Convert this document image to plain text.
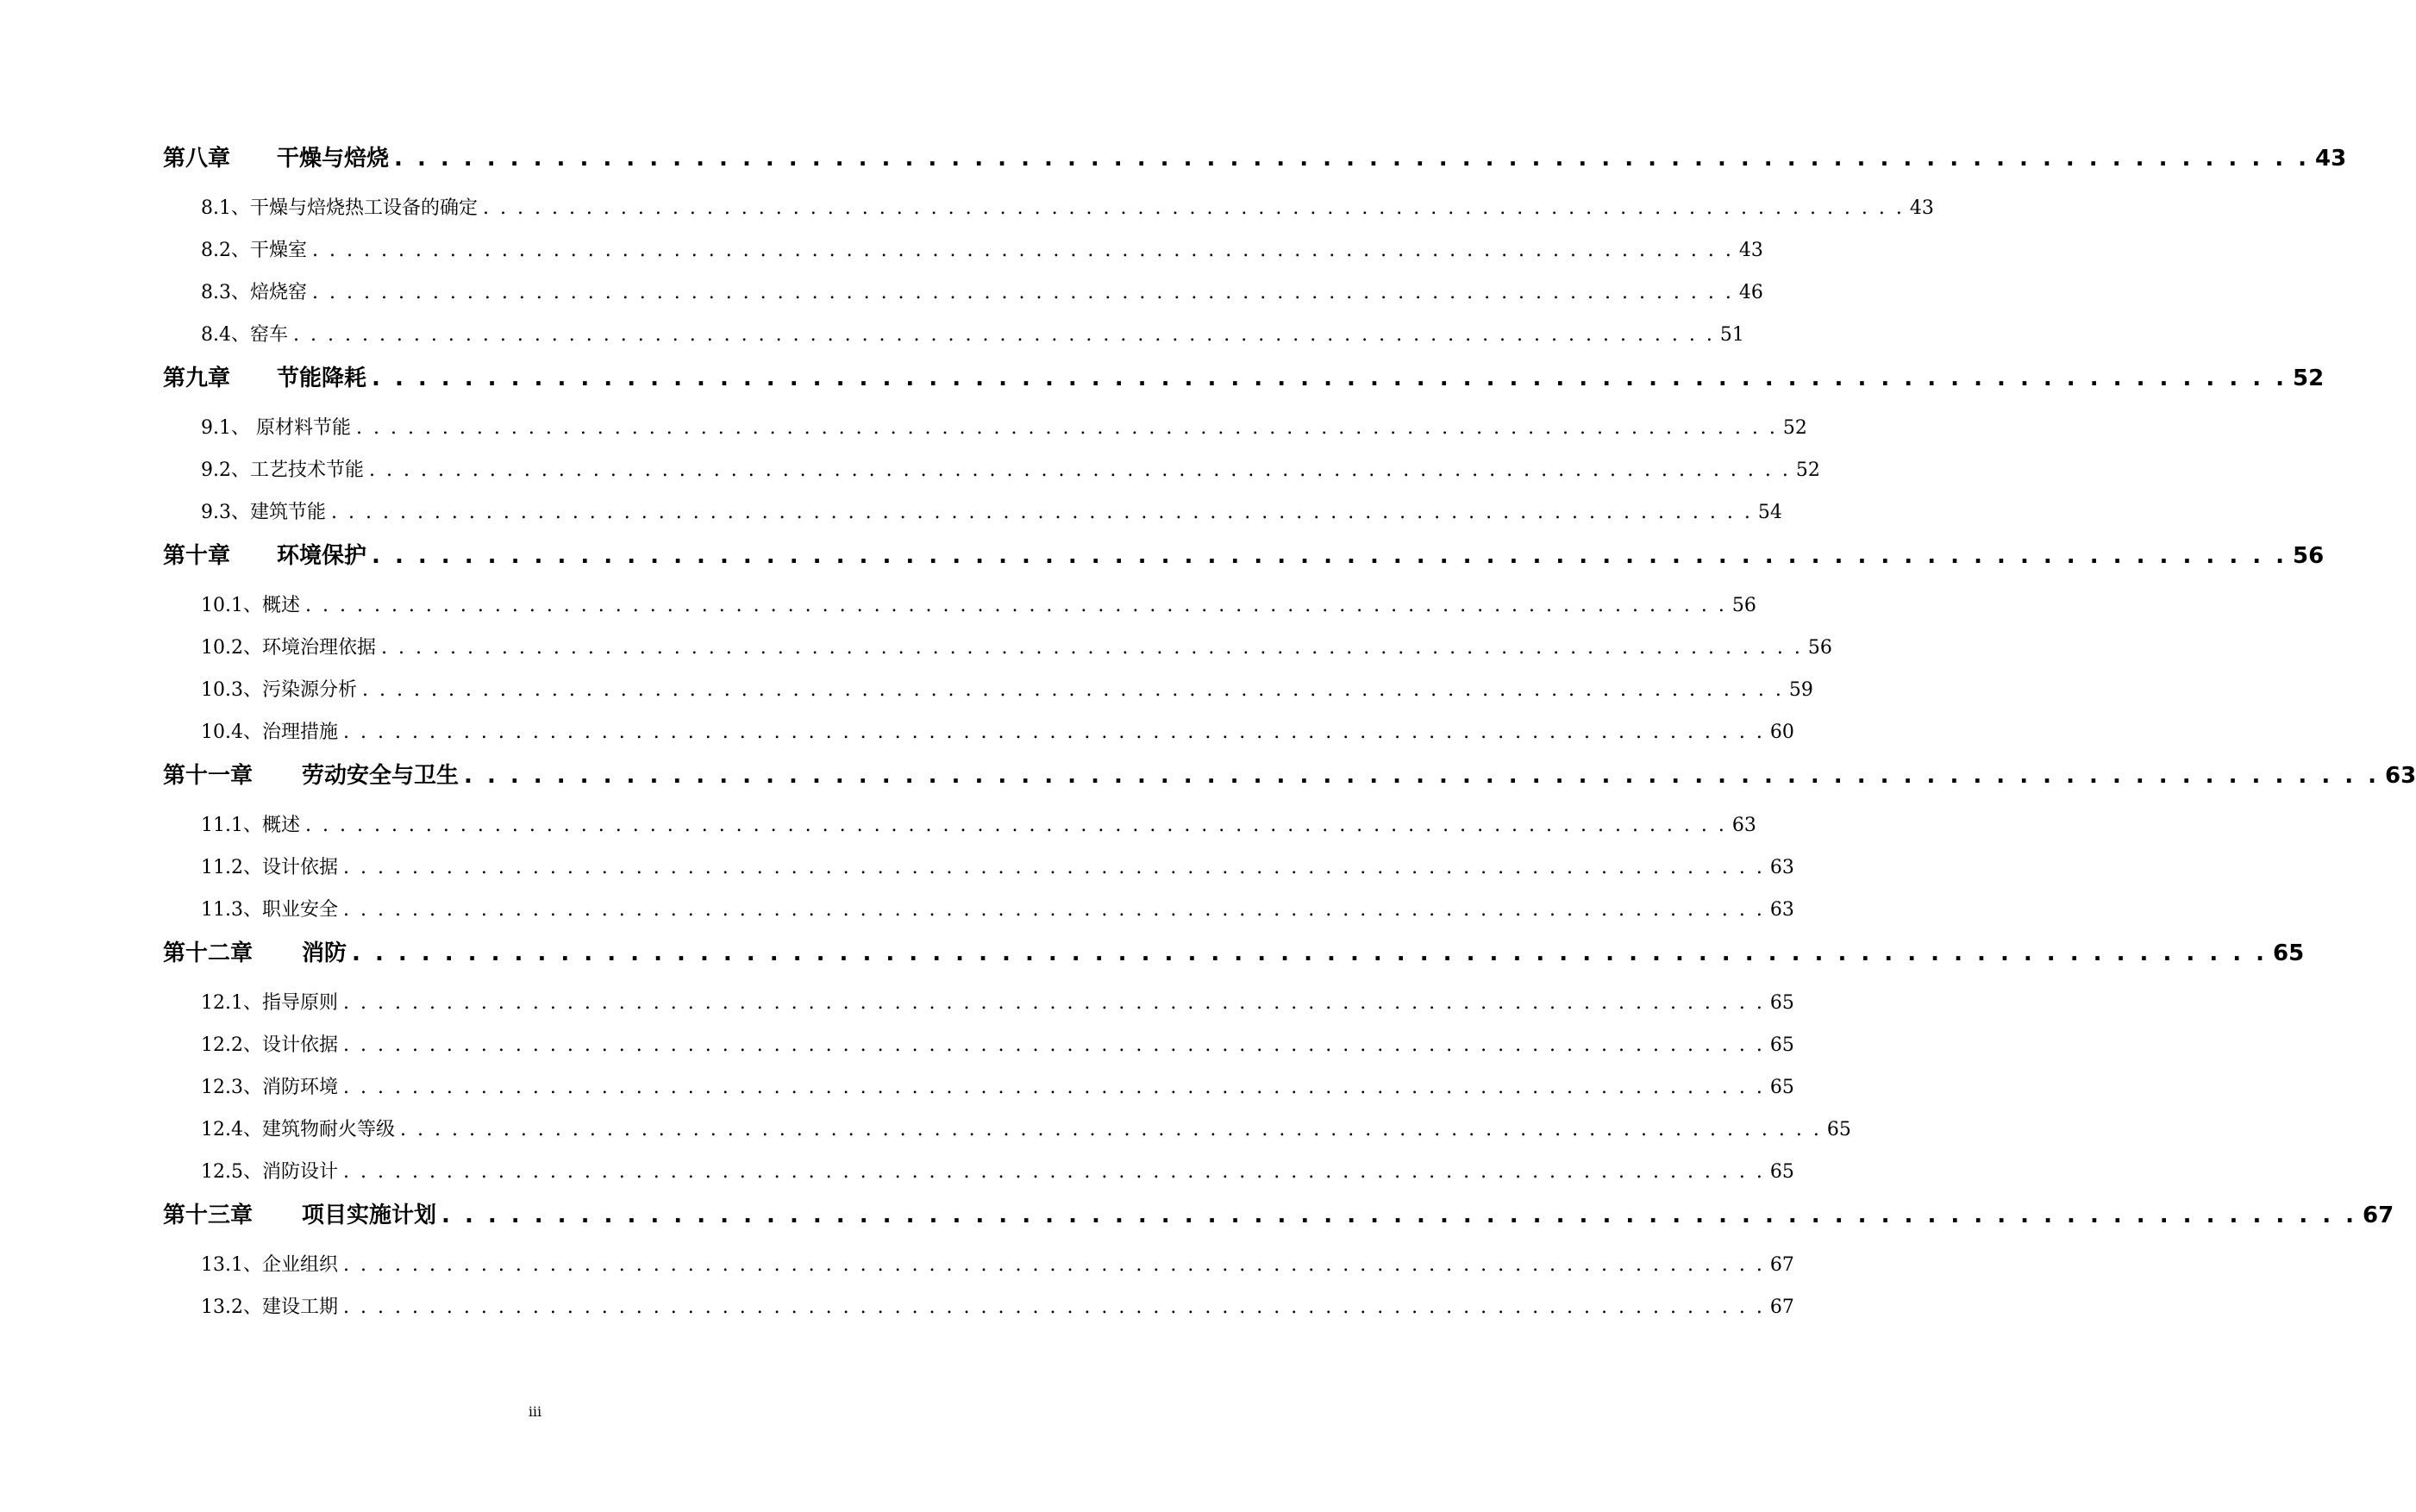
第八章 干燥与焙烧 . . . . . . . . . . . . . . . . . . . . . . . . . . . . . . . . . . . . . . . . . . . . . . . . . . . . . . . . . . . . . . . . . . . . . . . . . . . . . . . . . . . 43
8.1、干燥与焙烧热工设备的确定 . . . . . . . . . . . . . . . . . . . . . . . . . . . . . . . . . . . . . . . . . . . . . . . . . . . . . . . . . . . . . . . . . . . . . . . . . . . . . . . . . . . 43
8.2、干燥室 . . . . . . . . . . . . . . . . . . . . . . . . . . . . . . . . . . . . . . . . . . . . . . . . . . . . . . . . . . . . . . . . . . . . . . . . . . . . . . . . . . . 43
8.3、焙烧窑 . . . . . . . . . . . . . . . . . . . . . . . . . . . . . . . . . . . . . . . . . . . . . . . . . . . . . . . . . . . . . . . . . . . . . . . . . . . . . . . . . . . 46
8.4、窑车 . . . . . . . . . . . . . . . . . . . . . . . . . . . . . . . . . . . . . . . . . . . . . . . . . . . . . . . . . . . . . . . . . . . . . . . . . . . . . . . . . . . 51
第九章 节能降耗 . . . . . . . . . . . . . . . . . . . . . . . . . . . . . . . . . . . . . . . . . . . . . . . . . . . . . . . . . . . . . . . . . . . . . . . . . . . . . . . . . . . 52
9.1、 原材料节能 . . . . . . . . . . . . . . . . . . . . . . . . . . . . . . . . . . . . . . . . . . . . . . . . . . . . . . . . . . . . . . . . . . . . . . . . . . . . . . . . . . . 52
9.2、工艺技术节能 . . . . . . . . . . . . . . . . . . . . . . . . . . . . . . . . . . . . . . . . . . . . . . . . . . . . . . . . . . . . . . . . . . . . . . . . . . . . . . . . . . . 52
9.3、建筑节能 . . . . . . . . . . . . . . . . . . . . . . . . . . . . . . . . . . . . . . . . . . . . . . . . . . . . . . . . . . . . . . . . . . . . . . . . . . . . . . . . . . . 54
第十章 环境保护 . . . . . . . . . . . . . . . . . . . . . . . . . . . . . . . . . . . . . . . . . . . . . . . . . . . . . . . . . . . . . . . . . . . . . . . . . . . . . . . . . . . 56
10.1、概述 . . . . . . . . . . . . . . . . . . . . . . . . . . . . . . . . . . . . . . . . . . . . . . . . . . . . . . . . . . . . . . . . . . . . . . . . . . . . . . . . . . . 56
10.2、环境治理依据 . . . . . . . . . . . . . . . . . . . . . . . . . . . . . . . . . . . . . . . . . . . . . . . . . . . . . . . . . . . . . . . . . . . . . . . . . . . . . . . . . . . 56
10.3、污染源分析 . . . . . . . . . . . . . . . . . . . . . . . . . . . . . . . . . . . . . . . . . . . . . . . . . . . . . . . . . . . . . . . . . . . . . . . . . . . . . . . . . . . 59
10.4、治理措施 . . . . . . . . . . . . . . . . . . . . . . . . . . . . . . . . . . . . . . . . . . . . . . . . . . . . . . . . . . . . . . . . . . . . . . . . . . . . . . . . . . . 60
第十一章 劳动安全与卫生 . . . . . . . . . . . . . . . . . . . . . . . . . . . . . . . . . . . . . . . . . . . . . . . . . . . . . . . . . . . . . . . . . . . . . . . . . . . . . . . . . . . 63
11.1、概述 . . . . . . . . . . . . . . . . . . . . . . . . . . . . . . . . . . . . . . . . . . . . . . . . . . . . . . . . . . . . . . . . . . . . . . . . . . . . . . . . . . . 63
11.2、设计依据 . . . . . . . . . . . . . . . . . . . . . . . . . . . . . . . . . . . . . . . . . . . . . . . . . . . . . . . . . . . . . . . . . . . . . . . . . . . . . . . . . . . 63
11.3、职业安全 . . . . . . . . . . . . . . . . . . . . . . . . . . . . . . . . . . . . . . . . . . . . . . . . . . . . . . . . . . . . . . . . . . . . . . . . . . . . . . . . . . . 63
第十二章 消防 . . . . . . . . . . . . . . . . . . . . . . . . . . . . . . . . . . . . . . . . . . . . . . . . . . . . . . . . . . . . . . . . . . . . . . . . . . . . . . . . . . . 65
12.1、指导原则 . . . . . . . . . . . . . . . . . . . . . . . . . . . . . . . . . . . . . . . . . . . . . . . . . . . . . . . . . . . . . . . . . . . . . . . . . . . . . . . . . . . 65
12.2、设计依据 . . . . . . . . . . . . . . . . . . . . . . . . . . . . . . . . . . . . . . . . . . . . . . . . . . . . . . . . . . . . . . . . . . . . . . . . . . . . . . . . . . . 65
12.3、消防环境 . . . . . . . . . . . . . . . . . . . . . . . . . . . . . . . . . . . . . . . . . . . . . . . . . . . . . . . . . . . . . . . . . . . . . . . . . . . . . . . . . . . 65
12.4、建筑物耐火等级 . . . . . . . . . . . . . . . . . . . . . . . . . . . . . . . . . . . . . . . . . . . . . . . . . . . . . . . . . . . . . . . . . . . . . . . . . . . . . . . . . . . 65
12.5、消防设计 . . . . . . . . . . . . . . . . . . . . . . . . . . . . . . . . . . . . . . . . . . . . . . . . . . . . . . . . . . . . . . . . . . . . . . . . . . . . . . . . . . . 65
第十三章 项目实施计划 . . . . . . . . . . . . . . . . . . . . . . . . . . . . . . . . . . . . . . . . . . . . . . . . . . . . . . . . . . . . . . . . . . . . . . . . . . . . . . . . . . . 67
13.1、企业组织 . . . . . . . . . . . . . . . . . . . . . . . . . . . . . . . . . . . . . . . . . . . . . . . . . . . . . . . . . . . . . . . . . . . . . . . . . . . . . . . . . . . 67
13.2、建设工期 . . . . . . . . . . . . . . . . . . . . . . . . . . . . . . . . . . . . . . . . . . . . . . . . . . . . . . . . . . . . . . . . . . . . . . . . . . . . . . . . . . . 67
iii
